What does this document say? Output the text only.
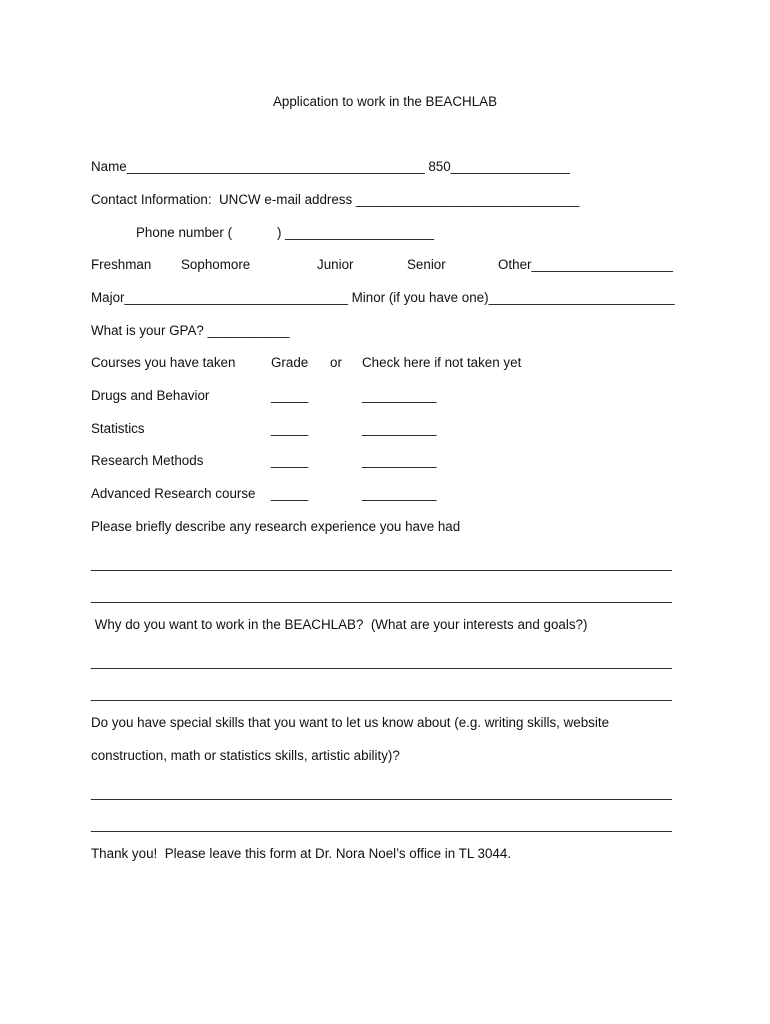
Application to work in the BEACHLAB
Name________________________________________ 850________________
Contact Information:  UNCW e-mail address ______________________________
Phone number (	) ____________________
Freshman Sophomore	Junior	Senior	Other___________________
Major______________________________ Minor (if you have one)_________________________
What is your GPA? ___________
Courses you have taken	Grade or Check here if not taken yet
Drugs and Behavior	_____	__________
Statistics	_____	__________
Research Methods	_____	__________
Advanced Research course _____	__________
Please briefly describe any research experience you have had
______________________________________________________________________________
______________________________________________________________________________
Why do you want to work in the BEACHLAB?  (What are your interests and goals?)
______________________________________________________________________________
______________________________________________________________________________
Do you have special skills that you want to let us know about (e.g. writing skills, website
construction, math or statistics skills, artistic ability)?
______________________________________________________________________________
______________________________________________________________________________
Thank you!  Please leave this form at Dr. Nora Noel’s office in TL 3044.
